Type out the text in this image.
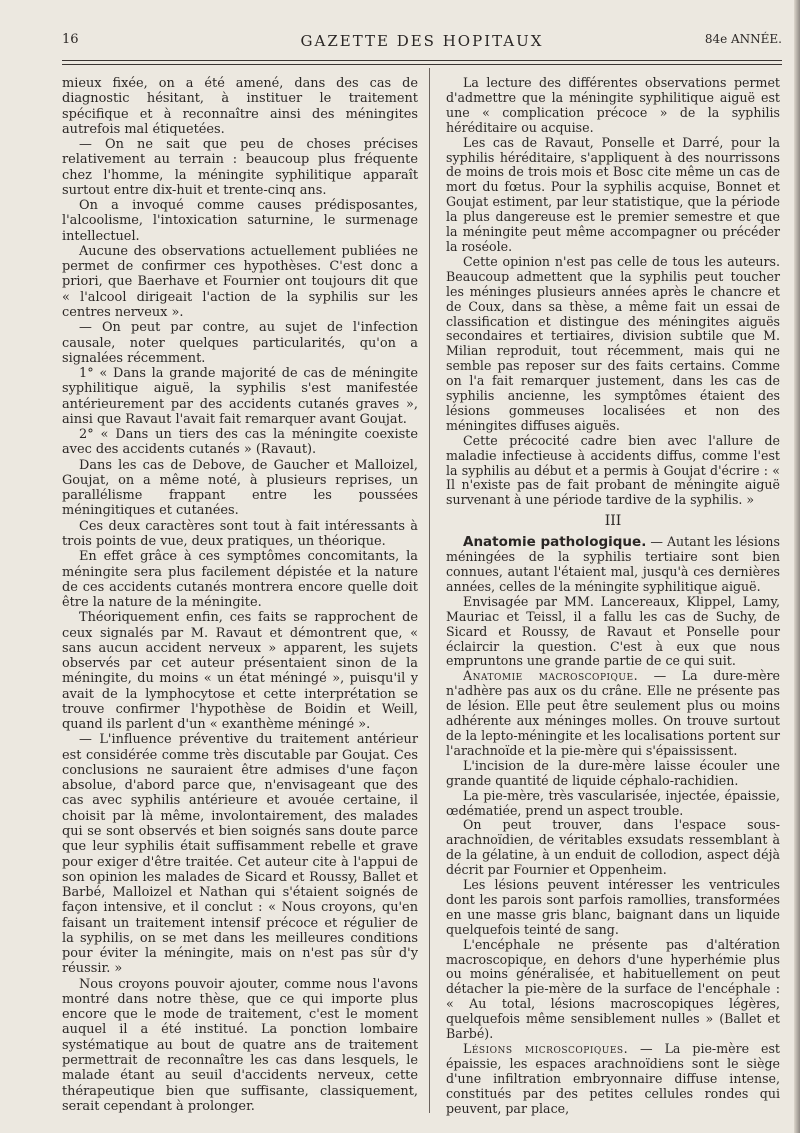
16	GAZETTE DES HOPITAUX	84e ANNÉE.

mieux fixée, on a été amené, dans des cas de diagnostic hésitant, à instituer le traitement spécifique et à reconnaître ainsi des méningites autrefois mal étiquetées.

— On ne sait que peu de choses précises relativement au terrain : beaucoup plus fréquente chez l'homme, la méningite syphilitique apparaît surtout entre dix-huit et trente-cinq ans.

On a invoqué comme causes prédisposantes, l'alcoolisme, l'intoxication saturnine, le surmenage intellectuel.

Aucune des observations actuellement publiées ne permet de confirmer ces hypothèses. C'est donc a priori, que Baerhave et Fournier ont toujours dit que « l'alcool dirigeait l'action de la syphilis sur les centres nerveux ».

— On peut par contre, au sujet de l'infection causale, noter quelques particularités, qu'on a signalées récemment.

1° « Dans la grande majorité de cas de méningite syphilitique aiguë, la syphilis s'est manifestée antérieurement par des accidents cutanés graves », ainsi que Ravaut l'avait fait remarquer avant Goujat.

2° « Dans un tiers des cas la méningite coexiste avec des accidents cutanés » (Ravaut).

Dans les cas de Debove, de Gaucher et Malloizel, Goujat, on a même noté, à plusieurs reprises, un parallélisme frappant entre les poussées méningitiques et cutanées.

Ces deux caractères sont tout à fait intéressants à trois points de vue, deux pratiques, un théorique.

En effet grâce à ces symptômes concomitants, la méningite sera plus facilement dépistée et la nature de ces accidents cutanés montrera encore quelle doit être la nature de la méningite.

Théoriquement enfin, ces faits se rapprochent de ceux signalés par M. Ravaut et démontrent que, « sans aucun accident nerveux » apparent, les sujets observés par cet auteur présentaient sinon de la méningite, du moins « un état méningé », puisqu'il y avait de la lymphocytose et cette interprétation se trouve confirmer l'hypothèse de Boidin et Weill, quand ils parlent d'un « exanthème méningé ».

— L'influence préventive du traitement antérieur est considérée comme très discutable par Goujat. Ces conclusions ne sauraient être admises d'une façon absolue, d'abord parce que, n'envisageant que des cas avec syphilis antérieure et avouée certaine, il choisit par là même, involontairement, des malades qui se sont observés et bien soignés sans doute parce que leur syphilis était suffisamment rebelle et grave pour exiger d'être traitée. Cet auteur cite à l'appui de son opinion les malades de Sicard et Roussy, Ballet et Barbé, Malloizel et Nathan qui s'étaient soignés de façon intensive, et il conclut : « Nous croyons, qu'en faisant un traitement intensif précoce et régulier de la syphilis, on se met dans les meilleures conditions pour éviter la méningite, mais on n'est pas sûr d'y réussir. »

Nous croyons pouvoir ajouter, comme nous l'avons montré dans notre thèse, que ce qui importe plus encore que le mode de traitement, c'est le moment auquel il a été institué. La ponction lombaire systématique au bout de quatre ans de traitement permettrait de reconnaître les cas dans lesquels, le malade étant au seuil d'accidents nerveux, cette thérapeutique bien que suffisante, classiquement, serait cependant à prolonger.

La lecture des différentes observations permet d'admettre que la méningite syphilitique aiguë est une « complication précoce » de la syphilis héréditaire ou acquise.

Les cas de Ravaut, Ponselle et Darré, pour la syphilis héréditaire, s'appliquent à des nourrissons de moins de trois mois et Bosc cite même un cas de mort du fœtus. Pour la syphilis acquise, Bonnet et Goujat estiment, par leur statistique, que la période la plus dangereuse est le premier semestre et que la méningite peut même accompagner ou précéder la roséole.

Cette opinion n'est pas celle de tous les auteurs. Beaucoup admettent que la syphilis peut toucher les méninges plusieurs années après le chancre et de Coux, dans sa thèse, a même fait un essai de classification et distingue des méningites aiguës secondaires et tertiaires, division subtile que M. Milian reproduit, tout récemment, mais qui ne semble pas reposer sur des faits certains. Comme on l'a fait remarquer justement, dans les cas de syphilis ancienne, les symptômes étaient des lésions gommeuses localisées et non des méningites diffuses aiguës.

Cette précocité cadre bien avec l'allure de maladie infectieuse à accidents diffus, comme l'est la syphilis au début et a permis à Goujat d'écrire : « Il n'existe pas de fait probant de méningite aiguë survenant à une période tardive de la syphilis. »

III

Anatomie pathologique. — Autant les lésions méningées de la syphilis tertiaire sont bien connues, autant l'étaient mal, jusqu'à ces dernières années, celles de la méningite syphilitique aiguë.

Envisagée par MM. Lancereaux, Klippel, Lamy, Mauriac et Teissl, il a fallu les cas de Suchy, de Sicard et Roussy, de Ravaut et Ponselle pour éclaircir la question. C'est à eux que nous empruntons une grande partie de ce qui suit.

Anatomie macroscopique. — La dure-mère n'adhère pas aux os du crâne. Elle ne présente pas de lésion. Elle peut être seulement plus ou moins adhérente aux méninges molles. On trouve surtout de la lepto-méningite et les localisations portent sur l'arachnoïde et la pie-mère qui s'épaississent.

L'incision de la dure-mère laisse écouler une grande quantité de liquide céphalo-rachidien.

La pie-mère, très vascularisée, injectée, épaissie, œdématiée, prend un aspect trouble.

On peut trouver, dans l'espace sous-arachnoïdien, de véritables exsudats ressemblant à de la gélatine, à un enduit de collodion, aspect déjà décrit par Fournier et Oppenheim.

Les lésions peuvent intéresser les ventricules dont les parois sont parfois ramollies, transformées en une masse gris blanc, baignant dans un liquide quelquefois teinté de sang.

L'encéphale ne présente pas d'altération macroscopique, en dehors d'une hyperhémie plus ou moins généralisée, et habituellement on peut détacher la pie-mère de la surface de l'encéphale : « Au total, lésions macroscopiques légères, quelquefois même sensiblement nulles » (Ballet et Barbé).

Lésions microscopiques. — La pie-mère est épaissie, les espaces arachnoïdiens sont le siège d'une infiltration embryonnaire diffuse intense, constitués par des petites cellules rondes qui peuvent, par place,
